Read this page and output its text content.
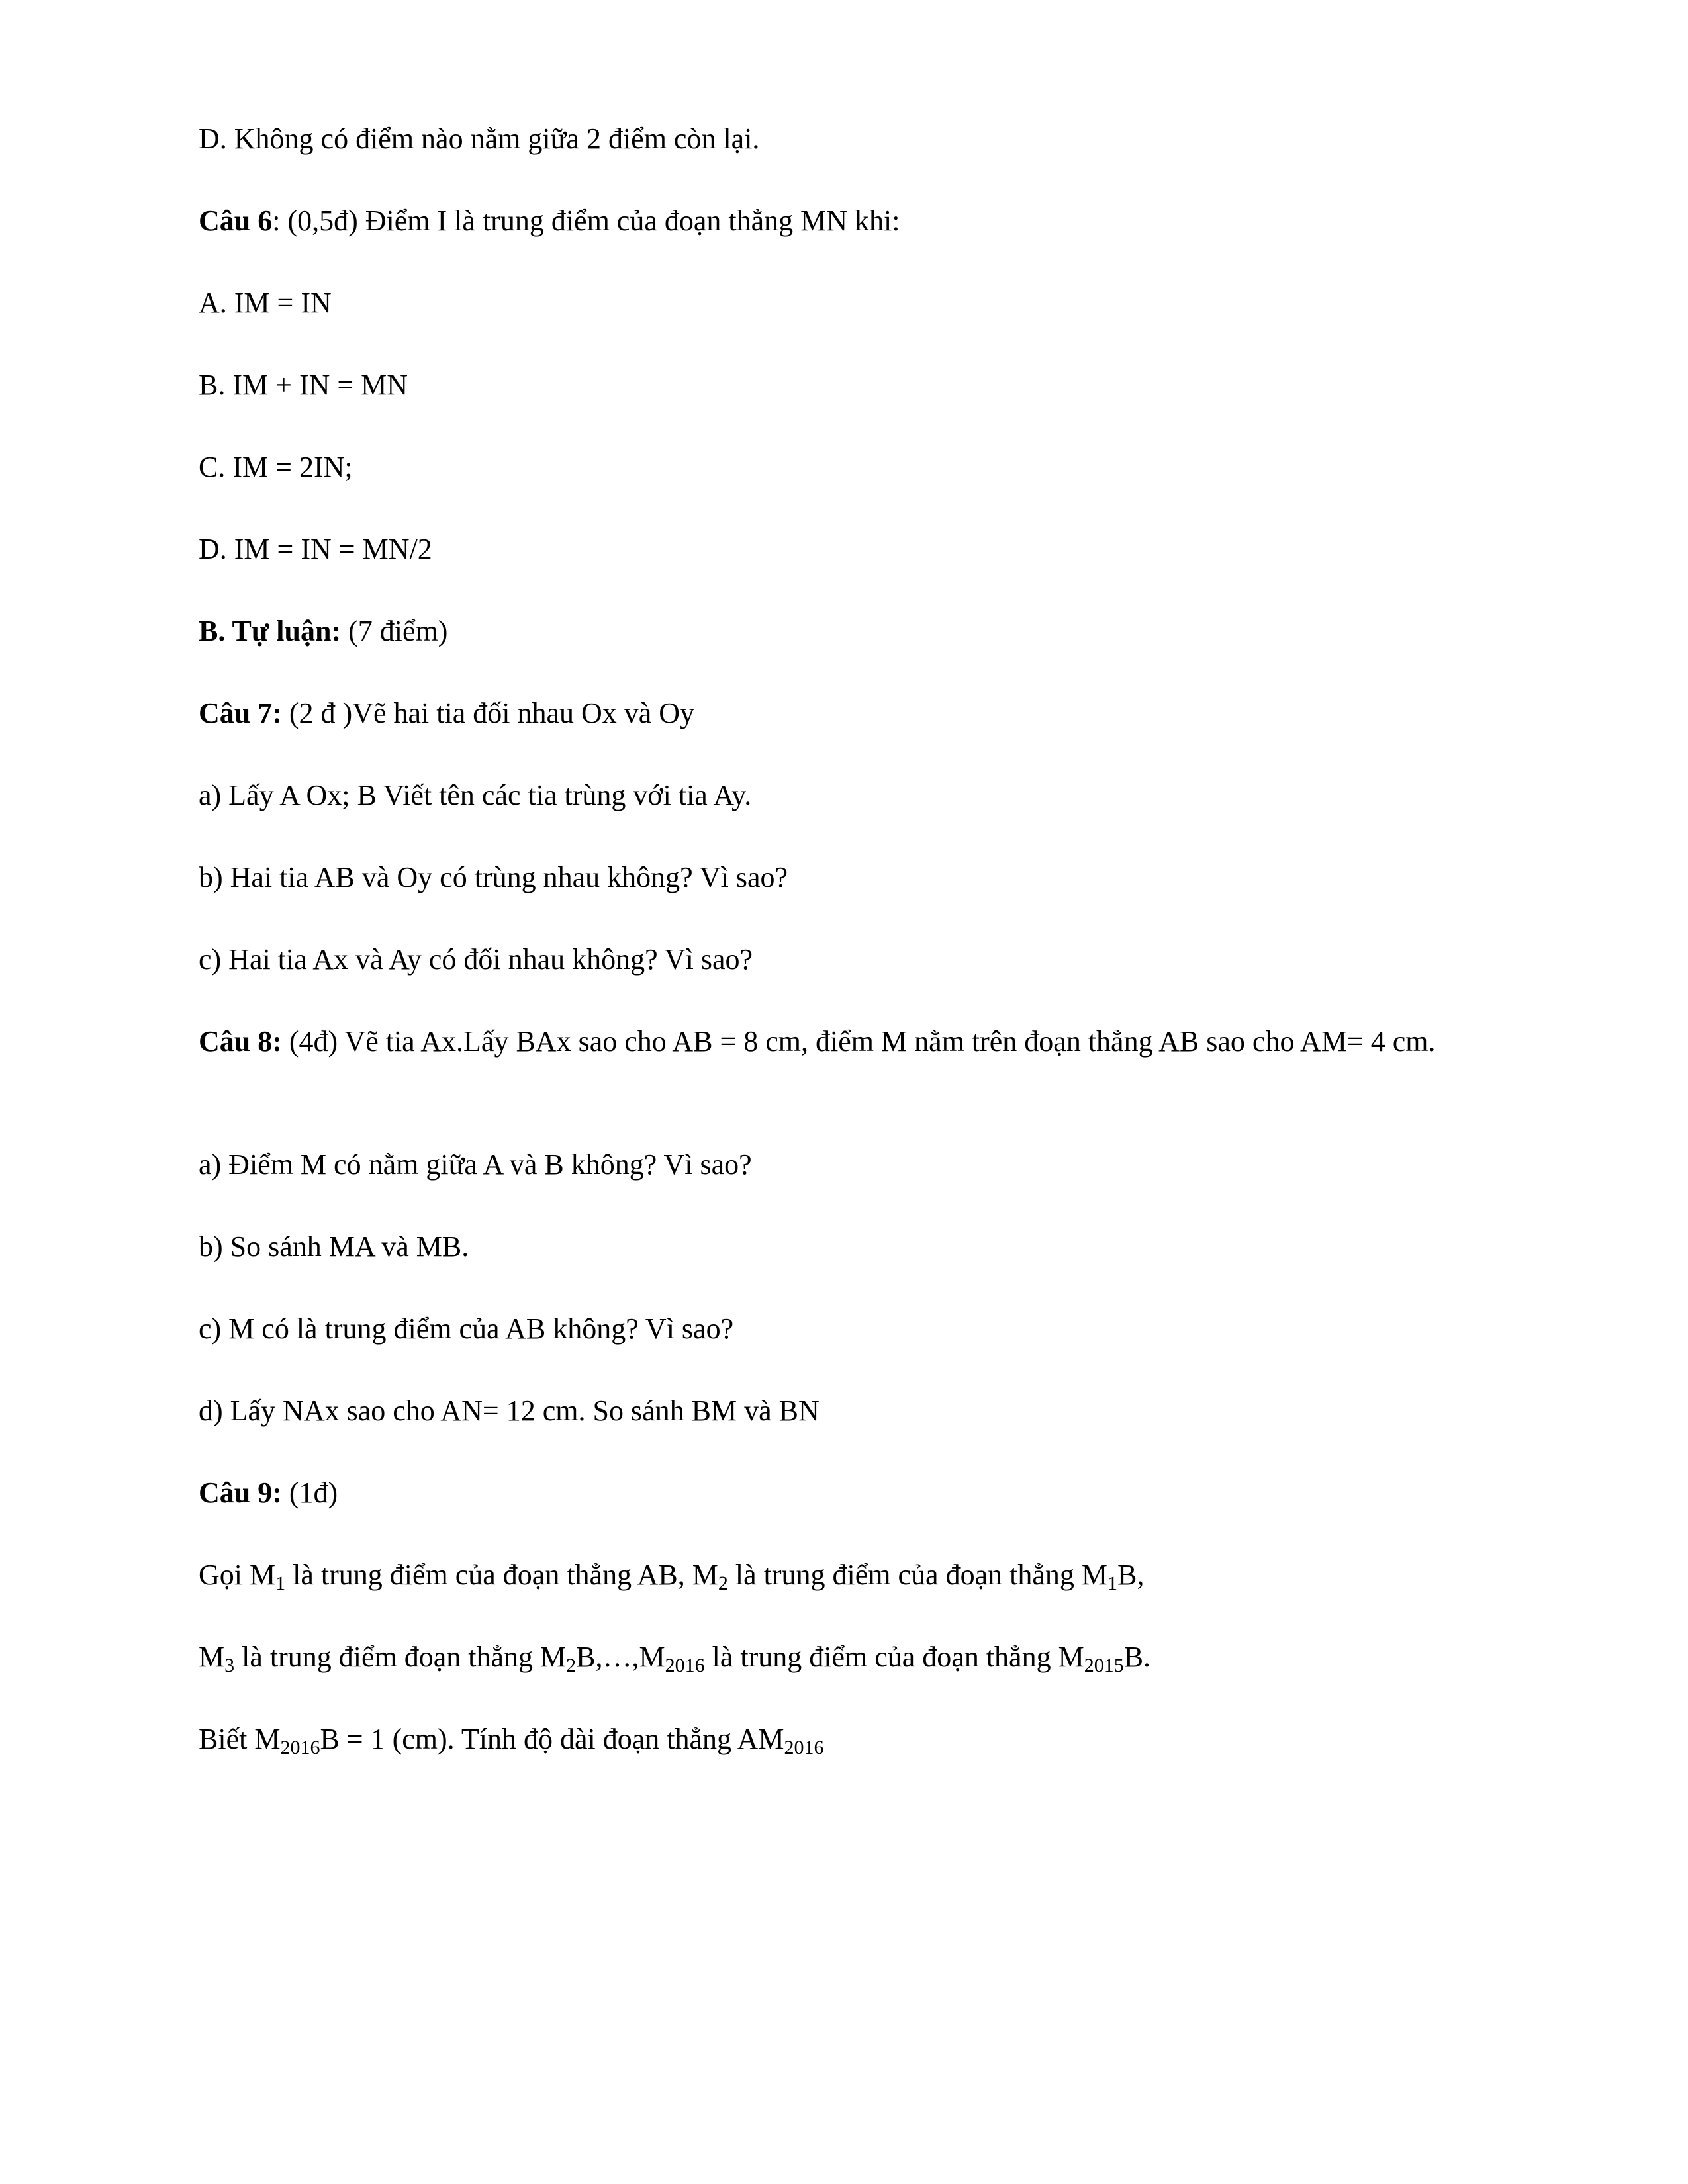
D. Không có điểm nào nằm giữa 2 điểm còn lại.
Câu 6: (0,5đ) Điểm I là trung điểm của đoạn thẳng MN khi:
A. IM = IN
B. IM + IN = MN
C. IM = 2IN;
D. IM = IN = MN/2
B. Tự luận: (7 điểm)
Câu 7: (2 đ )Vẽ hai tia đối nhau Ox và Oy
a) Lấy A Ox; B Viết tên các tia trùng với tia Ay.
b) Hai tia AB và Oy có trùng nhau không? Vì sao?
c) Hai tia Ax và Ay có đối nhau không? Vì sao?
Câu 8: (4đ) Vẽ tia Ax.Lấy BAx sao cho AB = 8 cm, điểm M nằm trên đoạn thẳng AB sao cho AM= 4 cm.
a) Điểm M có nằm giữa A và B không? Vì sao?
b) So sánh MA và MB.
c) M có là trung điểm của AB không? Vì sao?
d) Lấy NAx sao cho AN= 12 cm. So sánh BM và BN
Câu 9: (1đ)
Gọi $M_1$ là trung điểm của đoạn thẳng AB, $M_2$ là trung điểm của đoạn thẳng $M_1B$,
$M_3$ là trung điểm đoạn thẳng $M_2B,\dots,M_{2016}$ là trung điểm của đoạn thẳng $M_{2015}B$.
Biết $M_{2016}B = 1$ (cm). Tính độ dài đoạn thẳng $AM_{2016}$
